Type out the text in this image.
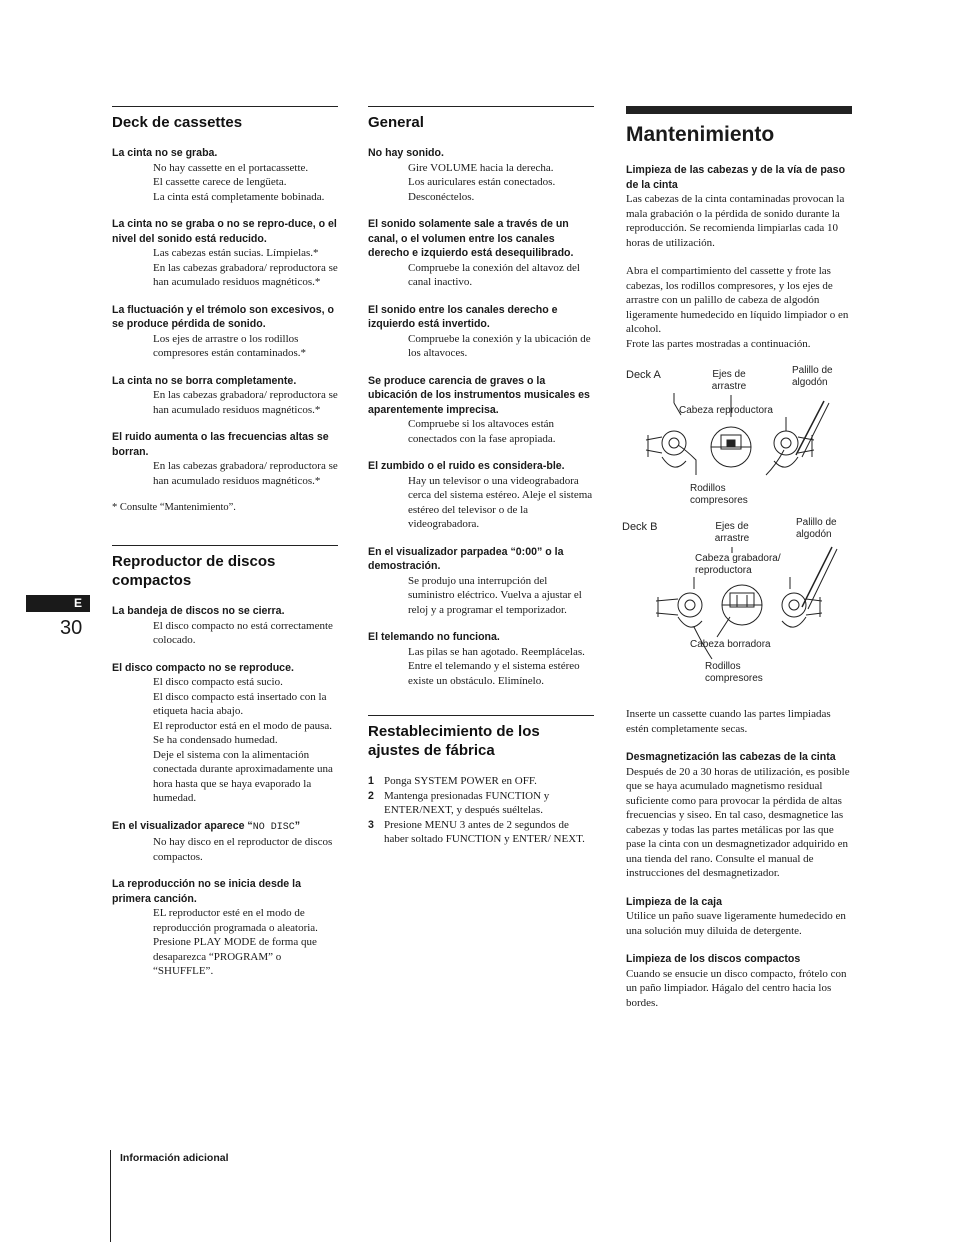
Deck de cassettes

La cinta no se graba.

No hay cassette en el portacassette.
El cassette carece de lengüeta.
La cinta está completamente bobinada.

La cinta no se graba o no se repro-duce, o el nivel del sonido está reducido.

Las cabezas están sucias. Límpielas.*
En las cabezas grabadora/ reproductora se han acumulado residuos magnéticos.*

La fluctuación y el trémolo son excesivos, o se produce pérdida de sonido.

Los ejes de arrastre o los rodillos compresores están contaminados.*

La cinta no se borra completamente.

En las cabezas grabadora/ reproductora se han acumulado residuos magnéticos.*

El ruido aumenta o las frecuencias altas se borran.

En las cabezas grabadora/ reproductora se han acumulado residuos magnéticos.*
* Consulte “Mantenimiento”.
Reproductor de discos compactos

La bandeja de discos no se cierra.

El disco compacto no está correctamente colocado.

El disco compacto no se reproduce.

El disco compacto está sucio.
El disco compacto está insertado con la etiqueta hacia abajo.
El reproductor está en el modo de pausa.
Se ha condensado humedad.
Deje el sistema con la alimentación conectada durante aproximadamente una hora hasta que se haya evaporado la humedad.

En el visualizador aparece “NO DISC”

No hay disco en el reproductor de discos compactos.

La reproducción no se inicia desde la primera canción.

EL reproductor esté en el modo de reproducción programada o aleatoria. Presione PLAY MODE de forma que desaparezca “PROGRAM” o “SHUFFLE”.
General

No hay sonido.

Gire VOLUME hacia la derecha.
Los auriculares están conectados. Desconéctelos.

El sonido solamente sale a través de un canal, o el volumen entre los canales derecho e izquierdo está desequilibrado.

Compruebe la conexión del altavoz del canal inactivo.

El sonido entre los canales derecho e izquierdo está invertido.

Compruebe la conexión y la ubicación de los altavoces.

Se produce carencia de graves o la ubicación de los instrumentos musicales es aparentemente imprecisa.

Compruebe si los altavoces están conectados con la fase apropiada.

El zumbido o el ruido es considera-ble.

Hay un televisor o una videograbadora cerca del sistema estéreo. Aleje el sistema estéreo del televisor o de la videograbadora.

En el visualizador parpadea “0:00” o la demostración.

Se produjo una interrupción del suministro eléctrico. Vuelva a ajustar el reloj y a programar el temporizador.

El telemando no funciona.

Las pilas se han agotado. Reemplácelas.
Entre el telemando y el sistema estéreo existe un obstáculo. Elimínelo.
Restablecimiento de los ajustes de fábrica
1 Ponga SYSTEM POWER en OFF.
2 Mantenga presionadas FUNCTION y ENTER/NEXT, y después suéltelas.
3 Presione MENU 3 antes de 2 segundos de haber soltado FUNCTION y ENTER/ NEXT.
Mantenimiento

Limpieza de las cabezas y de la vía de paso de la cinta

Las cabezas de la cinta contaminadas provocan la mala grabación o la pérdida de sonido durante la reproducción. Se recomienda limpiarlas cada 10 horas de utilización.

Abra el compartimiento del cassette y frote las cabezas, los rodillos compresores, y los ejes de arrastre con un palillo de cabeza de algodón ligeramente humedecido en líquido limpiador o en alcohol.

Frote las partes mostradas a continuación.

Deck A	Ejes de arrastre
Palillo de algodón
Cabeza reproductora
Rodillos compresores
Deck B	Ejes de arrastre
Palillo de algodón
Cabeza grabadora/ reproductora
Cabeza borradora
Rodillos compresores

Inserte un cassette cuando las partes limpiadas estén completamente secas.

Desmagnetización las cabezas de la cinta

Después de 20 a 30 horas de utilización, es posible que se haya acumulado magnetismo residual suficiente como para provocar la pérdida de altas frecuencias y siseo. En tal caso, desmagnetice las cabezas y todas las partes metálicas por las que pase la cinta con un desmagnetizador adquirido en una tienda del rano. Consulte el manual de instrucciones del desmagnetizador.

Limpieza de la caja

Utilice un paño suave ligeramente humedecido en una solución muy diluida de detergente.

Limpieza de los discos compactos

Cuando se ensucie un disco compacto, frótelo con un paño limpiador. Hágalo del centro hacia los bordes.

E
30
Información adicional
